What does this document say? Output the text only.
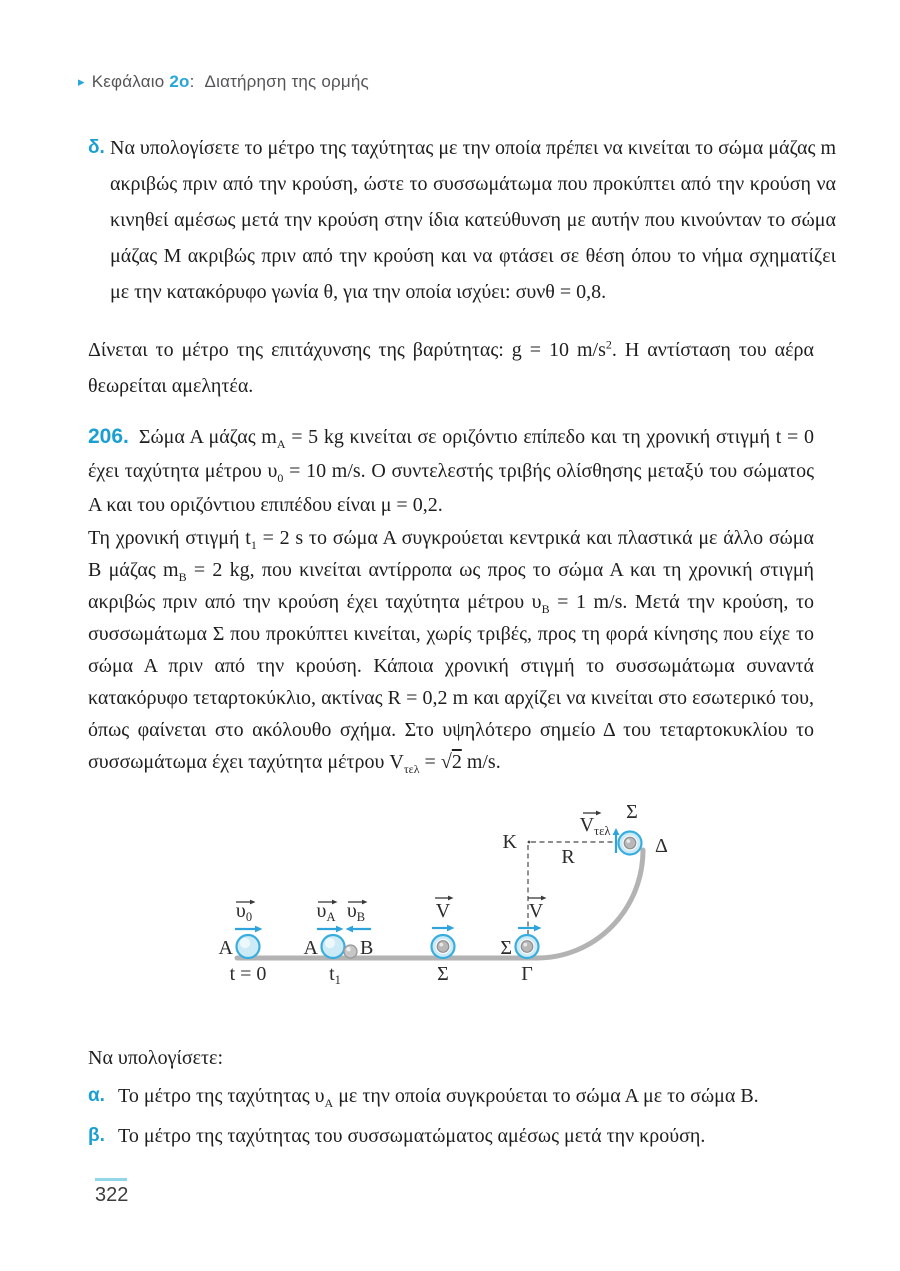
▸ Κεφάλαιο 2ο: Διατήρηση της ορμής
δ. Να υπολογίσετε το μέτρο της ταχύτητας με την οποία πρέπει να κινείται το σώμα μάζας m ακριβώς πριν από την κρούση, ώστε το συσσωμάτωμα που προκύπτει από την κρούση να κινηθεί αμέσως μετά την κρούση στην ίδια κατεύθυνση με αυτήν που κινούνταν το σώμα μάζας Μ ακριβώς πριν από την κρούση και να φτάσει σε θέση όπου το νήμα σχηματίζει με την κατακόρυφο γωνία θ, για την οποία ισχύει: συνθ = 0,8.
Δίνεται το μέτρο της επιτάχυνσης της βαρύτητας: g = 10 $m/s^2$. Η αντίσταση του αέρα θεωρείται αμελητέα.
206. Σώμα Α μάζας $m_A = 5$ kg κινείται σε οριζόντιο επίπεδο και τη χρονική στιγμή t = 0 έχει ταχύτητα μέτρου $\upsilon_0 = 10$ m/s. Ο συντελεστής τριβής ολίσθησης μεταξύ του σώματος Α και του οριζόντιου επιπέδου είναι μ = 0,2.
Τη χρονική στιγμή $t_1 = 2$ s το σώμα Α συγκρούεται κεντρικά και πλαστικά με άλλο σώμα Β μάζας $m_B = 2$ kg, που κινείται αντίρροπα ως προς το σώμα Α και τη χρονική στιγμή ακριβώς πριν από την κρούση έχει ταχύτητα μέτρου $\upsilon_B = 1$ m/s. Μετά την κρούση, το συσσωμάτωμα Σ που προκύπτει κινείται, χωρίς τριβές, προς τη φορά κίνησης που είχε το σώμα Α πριν από την κρούση. Κάποια χρονική στιγμή το συσσωμάτωμα συναντά κατακόρυφο τεταρτοκύκλιο, ακτίνας R = 0,2 m και αρχίζει να κινείται στο εσωτερικό του, όπως φαίνεται στο ακόλουθο σχήμα. Στο υψηλότερο σημείο Δ του τεταρτοκυκλίου το συσσωμάτωμα έχει ταχύτητα μέτρου $V_{\tau\varepsilon\lambda} = √2$ m/s.
$\upsilon_0$
A
t = 0
$\upsilon_A$ $\upsilon_B$
A B
$t_1$
V
Σ
V
Σ
Γ
K
R
$V_{\tau\varepsilon\lambda}$
Σ
Δ
Να υπολογίσετε:
α. Το μέτρο της ταχύτητας $\upsilon_A$ με την οποία συγκρούεται το σώμα Α με το σώμα Β.
β. Το μέτρο της ταχύτητας του συσσωματώματος αμέσως μετά την κρούση.
322
